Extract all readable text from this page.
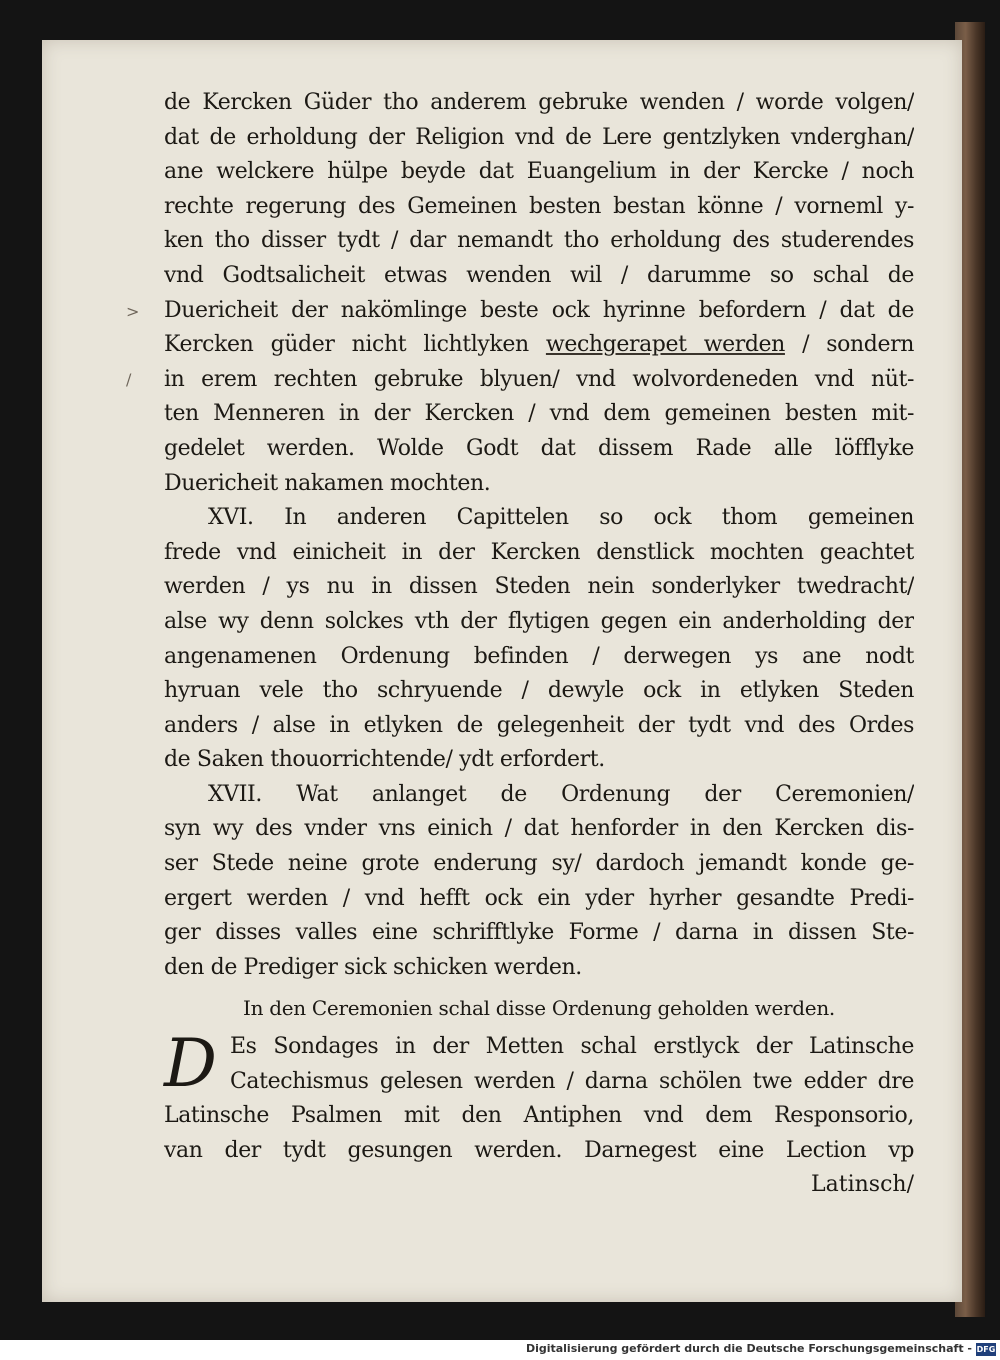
>
/
de Kercken Güder tho anderem gebruke wenden / worde volgen/
dat de erholdung der Religion vnd de Lere gentzlyken vnderghan/
ane welckere hülpe beyde dat Euangelium in der Kercke / noch
rechte regerung des Gemeinen besten bestan könne / vorneml y-
ken tho disser tydt / dar nemandt tho erholdung des studerendes
vnd Godtsalicheit etwas wenden wil / darumme so schal de
Duericheit der nakömlinge beste ock hyrinne befordern / dat de
Kercken güder nicht lichtlyken wechgerapet werden / sondern
in erem rechten gebruke blyuen/ vnd wolvordeneden vnd nüt-
ten Menneren in der Kercken / vnd dem gemeinen besten mit-
gedelet werden. Wolde Godt dat dissem Rade alle löfflyke
Duericheit nakamen mochten.
XVI. In anderen Capittelen so ock thom gemeinen
frede vnd einicheit in der Kercken denstlick mochten geachtet
werden / ys nu in dissen Steden nein sonderlyker twedracht/
alse wy denn solckes vth der flytigen gegen ein anderholding der
angenamenen Ordenung befinden / derwegen ys ane nodt
hyruan vele tho schryuende / dewyle ock in etlyken Steden
anders / alse in etlyken de gelegenheit der tydt vnd des Ordes
de Saken thouorrichtende/ ydt erfordert.
XVII. Wat anlanget de Ordenung der Ceremonien/
syn wy des vnder vns einich / dat henforder in den Kercken dis-
ser Stede neine grote enderung sy/ dardoch jemandt konde ge-
ergert werden / vnd hefft ock ein yder hyrher gesandte Predi-
ger disses valles eine schrifftlyke Forme / darna in dissen Ste-
den de Prediger sick schicken werden.
In den Ceremonien schal disse Ordenung geholden werden.
D Es Sondages in der Metten schal erstlyck der Latinsche
Catechismus gelesen werden / darna schölen twe edder dre
Latinsche Psalmen mit den Antiphen vnd dem Responsorio,
van der tydt gesungen werden. Darnegest eine Lection vp
Latinsch/
Digitalisierung gefördert durch die Deutsche Forschungsgemeinschaft - DFG
